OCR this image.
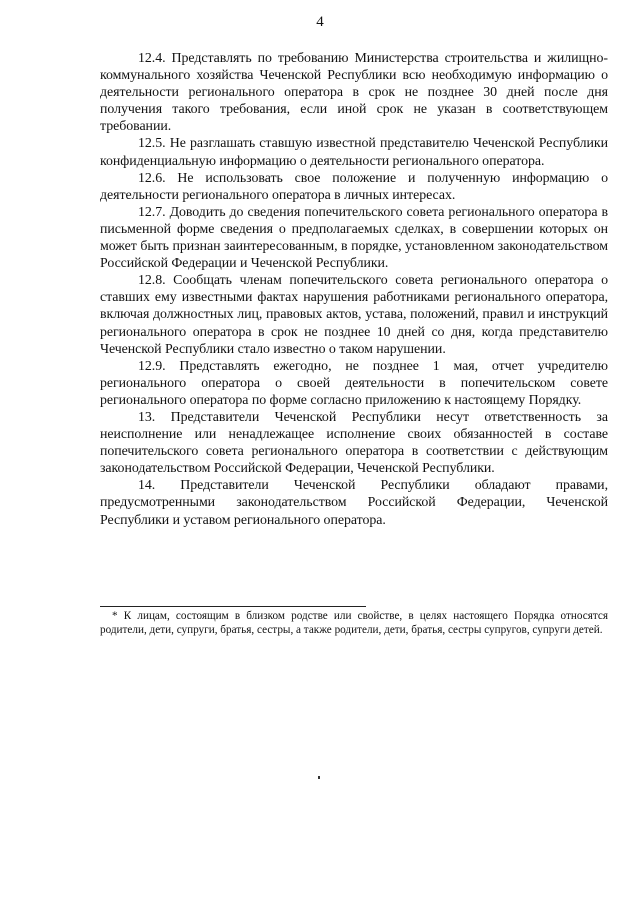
4

12.4. Представлять по требованию Министерства строительства и жилищно-коммунального хозяйства Чеченской Республики всю необходимую информацию о деятельности регионального оператора в срок не позднее 30 дней после дня получения такого требования, если иной срок не указан в соответствующем требовании.

12.5. Не разглашать ставшую известной представителю Чеченской Республики конфиденциальную информацию о деятельности регионального оператора.

12.6. Не использовать свое положение и полученную информацию о деятельности регионального оператора в личных интересах.

12.7. Доводить до сведения попечительского совета регионального оператора в письменной форме сведения о предполагаемых сделках, в совершении которых он может быть признан заинтересованным, в порядке, установленном законодательством Российской Федерации и Чеченской Республики.

12.8. Сообщать членам попечительского совета регионального оператора о ставших ему известными фактах нарушения работниками регионального оператора, включая должностных лиц, правовых актов, устава, положений, правил и инструкций регионального оператора в срок не позднее 10 дней со дня, когда представителю Чеченской Республики стало известно о таком нарушении.

12.9. Представлять ежегодно, не позднее 1 мая, отчет учредителю регионального оператора о своей деятельности в попечительском совете регионального оператора по форме согласно приложению к настоящему Порядку.

13. Представители Чеченской Республики несут ответственность за неисполнение или ненадлежащее исполнение своих обязанностей в составе попечительского совета регионального оператора в соответствии с действующим законодательством Российской Федерации, Чеченской Республики.

14. Представители Чеченской Республики обладают правами, предусмотренными законодательством Российской Федерации, Чеченской Республики и уставом регионального оператора.

* К лицам, состоящим в близком родстве или свойстве, в целях настоящего Порядка относятся родители, дети, супруги, братья, сестры, а также родители, дети, братья, сестры супругов, супруги детей.
